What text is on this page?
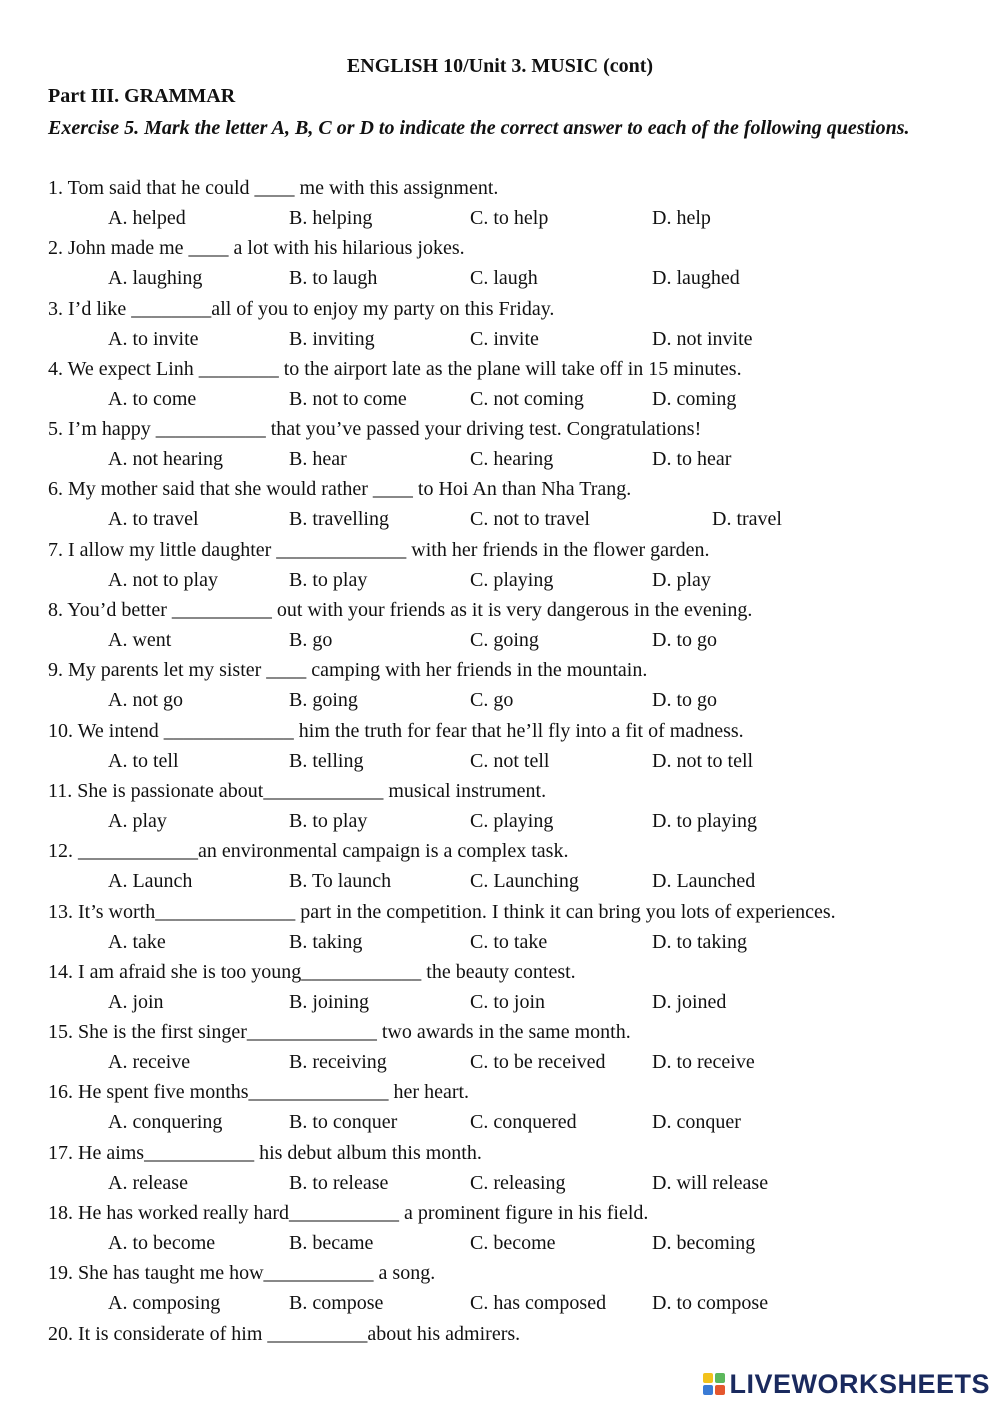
ENGLISH 10/Unit 3. MUSIC (cont)
Part III. GRAMMAR
Exercise 5. Mark the letter A, B, C or D to indicate the correct answer to each of the following questions.
1. Tom said that he could ____ me with this assignment.
A. helped	B. helping	C. to help	D. help
2. John made me ____ a lot with his hilarious jokes.
A. laughing	B. to laugh	C. laugh	D. laughed
3. I’d like ________all of you to enjoy my party on this Friday.
A. to invite	B. inviting	C. invite	D. not invite
4. We expect Linh ________ to the airport late as the plane will take off in 15 minutes.
A. to come	B. not to come	C. not coming	D. coming
5. I’m happy ___________ that you’ve passed your driving test. Congratulations!
A. not hearing	B. hear	C. hearing	D. to hear
6. My mother said that she would rather ____ to Hoi An than Nha Trang.
A. to travel	B. travelling	C. not to travel	D. travel
7. I allow my little daughter _____________ with her friends in the flower garden.
A. not to play	B. to play	C. playing	D. play
8. You’d better __________ out with your friends as it is very dangerous in the evening.
A. went	B. go	C. going	D. to go
9. My parents let my sister ____ camping with her friends in the mountain.
A. not go	B. going	C. go	D. to go
10. We intend _____________ him the truth for fear that he’ll fly into a fit of madness.
A. to tell	B. telling	C. not tell	D. not to tell
11. She is passionate about____________ musical instrument.
A. play	B. to play	C. playing	D. to playing
12. ____________an environmental campaign is a complex task.
A. Launch	B. To launch	C. Launching	D. Launched
13. It’s worth______________ part in the competition. I think it can bring you lots of experiences.
A. take	B. taking	C. to take	D. to taking
14. I am afraid she is too young____________ the beauty contest.
A. join	B. joining	C. to join	D. joined
15. She is the first singer_____________ two awards in the same month.
A. receive	B. receiving	C. to be received D. to receive
16. He spent five months______________ her heart.
A. conquering	B. to conquer	C. conquered	D. conquer
17. He aims___________ his debut album this month.
A. release	B. to release	C. releasing	D. will release
18. He has worked really hard___________ a prominent figure in his field.
A. to become	B. became	C. become	D. becoming
19. She has taught me how___________ a song.
A. composing	B. compose	C. has composed D. to compose
20. It is considerate of him __________about his admirers.
LIVEWORKSHEETS
